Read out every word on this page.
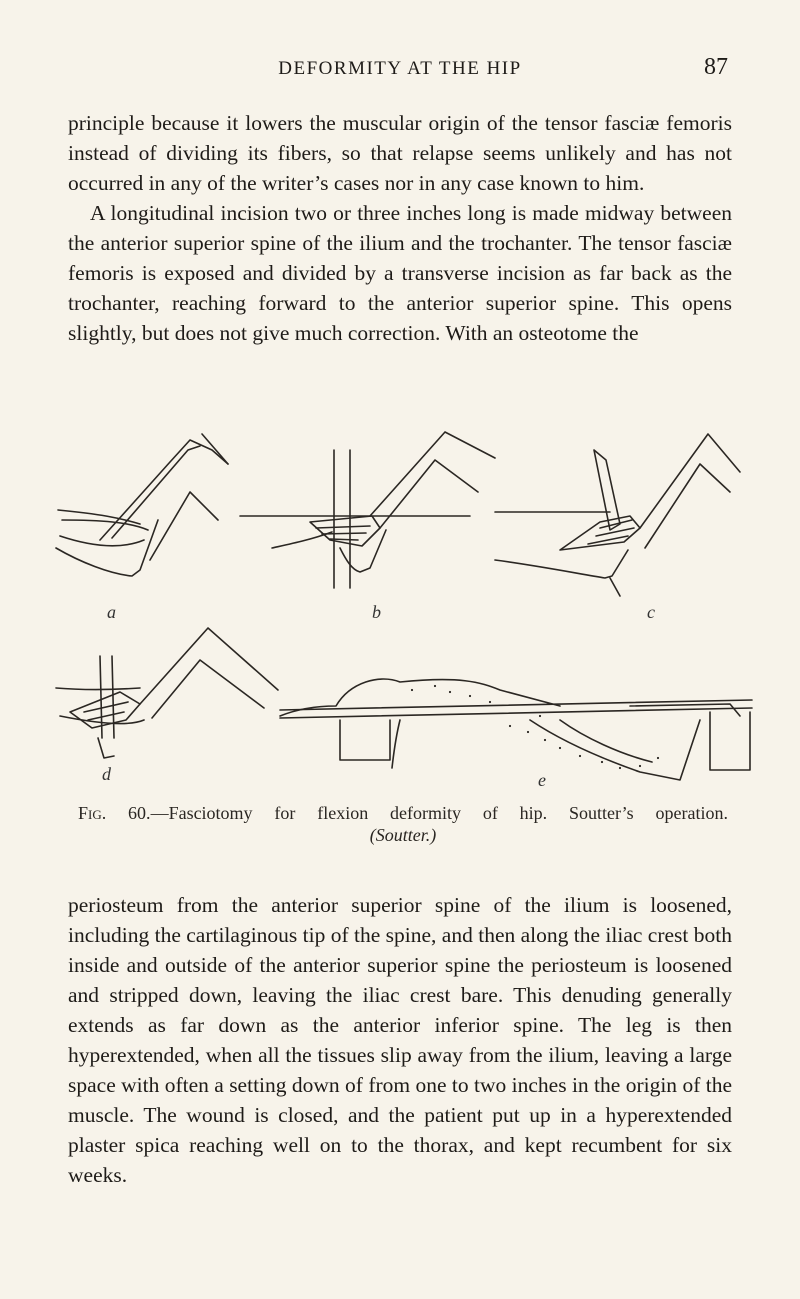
DEFORMITY AT THE HIP	87

principle because it lowers the muscular origin of the tensor fasciæ femoris instead of dividing its fibers, so that relapse seems unlikely and has not occurred in any of the writer’s cases nor in any case known to him.

A longitudinal incision two or three inches long is made midway between the anterior superior spine of the ilium and the trochanter. The tensor fasciæ femoris is exposed and divided by a transverse incision as far back as the trochanter, reaching forward to the anterior superior spine. This opens slightly, but does not give much correction. With an osteotome the

a	b	c
d	e
Fig. 60.—Fasciotomy for flexion deformity of hip. Soutter’s operation.
(Soutter.)

periosteum from the anterior superior spine of the ilium is loosened, including the cartilaginous tip of the spine, and then along the iliac crest both inside and outside of the anterior superior spine the periosteum is loosened and stripped down, leaving the iliac crest bare. This denuding generally extends as far down as the anterior inferior spine. The leg is then hyperextended, when all the tissues slip away from the ilium, leaving a large space with often a setting down of from one to two inches in the origin of the muscle. The wound is closed, and the patient put up in a hyperextended plaster spica reaching well on to the thorax, and kept recumbent for six weeks.
